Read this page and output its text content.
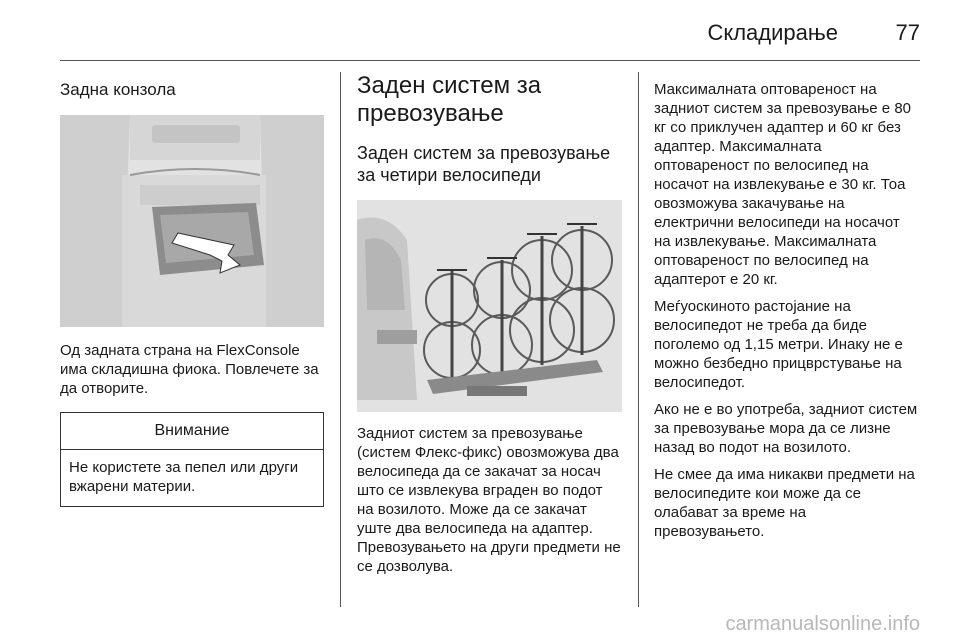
Складирање	77
Задна конзола

Од задната страна на FlexConsole има складишна фиока. Повлечете за да отворите.

Внимание
Не користете за пепел или други вжарени материи.
Заден систем за превозување
Заден систем за превозување за четири велосипеди

Задниот систем за превозување (систем Флекс-фикс) овозможува два велосипеда да се закачат за носач што се извлекува вграден во подот на возилото. Може да се закачат уште два велосипеда на адаптер. Превозувањето на други предмети не се дозволува.

Максималната оптовареност на задниот систем за превозување е 80 кг со приклучен адаптер и 60 кг без адаптер. Максималната оптовареност по велосипед на носачот на извлекување е 30 кг. Тоа овозможува закачување на електрични велосипеди на носачот на извлекување. Максималната оптовареност по велосипед на адаптерот е 20 кг.

Меѓуоскиното растојание на велосипедот не треба да биде поголемо од 1,15 метри. Инаку не е можно безбедно прицврстување на велосипедот.

Ако не е во употреба, задниот систем за превозување мора да се лизне назад во подот на возилото.

Не смее да има никакви предмети на велосипедите кои може да се олабават за време на превозувањето.

carmanualsonline.info
